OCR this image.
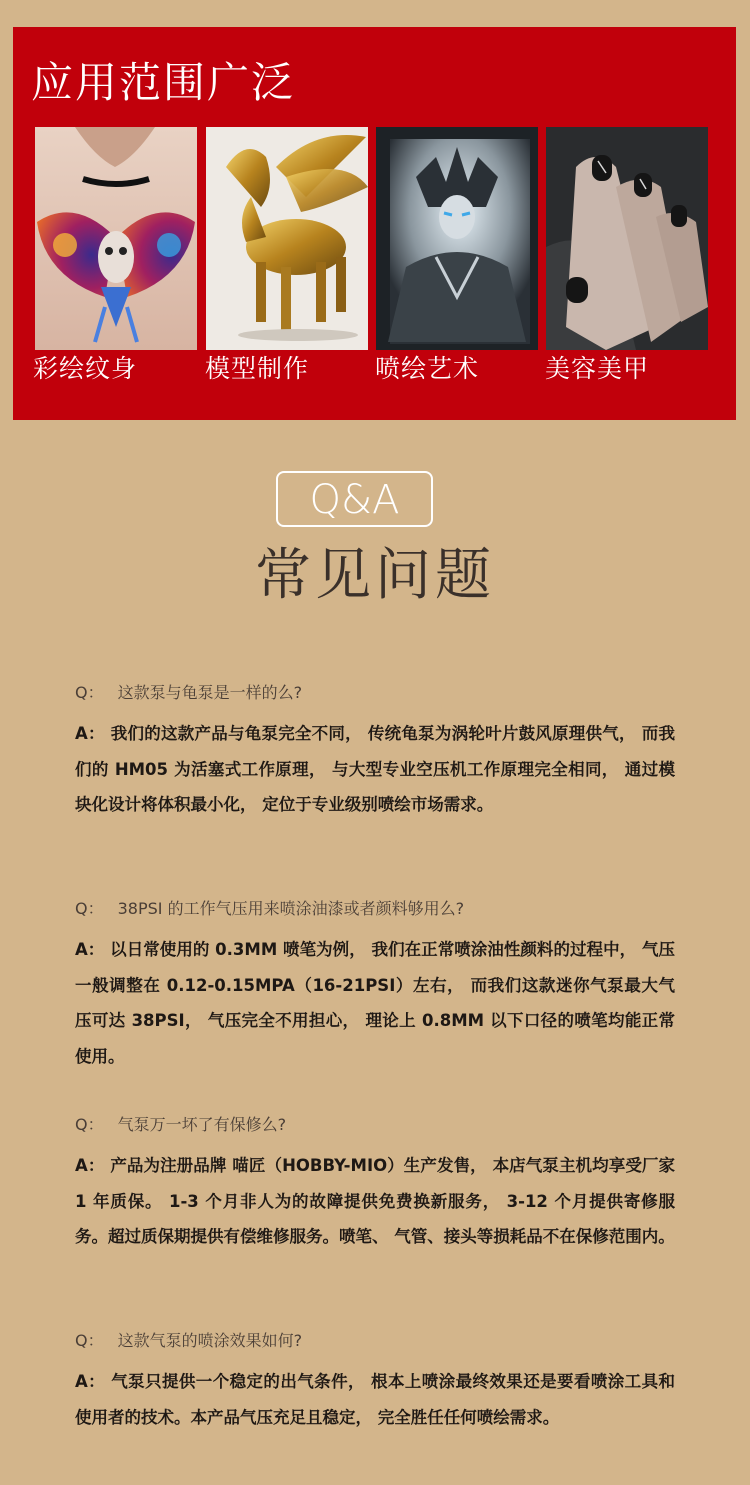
应用范围广泛
彩绘纹身	模型制作	喷绘艺术	美容美甲
Q&A
常见问题
Q： 这款泵与龟泵是一样的么?
A： 我们的这款产品与龟泵完全不同， 传统龟泵为涡轮叶片鼓风原理供气， 而我们的 HM05 为活塞式工作原理， 与大型专业空压机工作原理完全相同， 通过模块化设计将体积最小化， 定位于专业级别喷绘市场需求。
Q： 38PSI 的工作气压用来喷涂油漆或者颜料够用么?
A： 以日常使用的 0.3MM 喷笔为例， 我们在正常喷涂油性颜料的过程中， 气压一般调整在 0.12-0.15MPA（16-21PSI）左右， 而我们这款迷你气泵最大气压可达 38PSI， 气压完全不用担心， 理论上 0.8MM 以下口径的喷笔均能正常使用。
Q： 气泵万一坏了有保修么?
A： 产品为注册品牌 喵匠（HOBBY-MIO）生产发售， 本店气泵主机均享受厂家 1 年质保。 1-3 个月非人为的故障提供免费换新服务， 3-12 个月提供寄修服务。超过质保期提供有偿维修服务。喷笔、 气管、接头等损耗品不在保修范围内。
Q： 这款气泵的喷涂效果如何?
A： 气泵只提供一个稳定的出气条件， 根本上喷涂最终效果还是要看喷涂工具和使用者的技术。本产品气压充足且稳定， 完全胜任任何喷绘需求。
